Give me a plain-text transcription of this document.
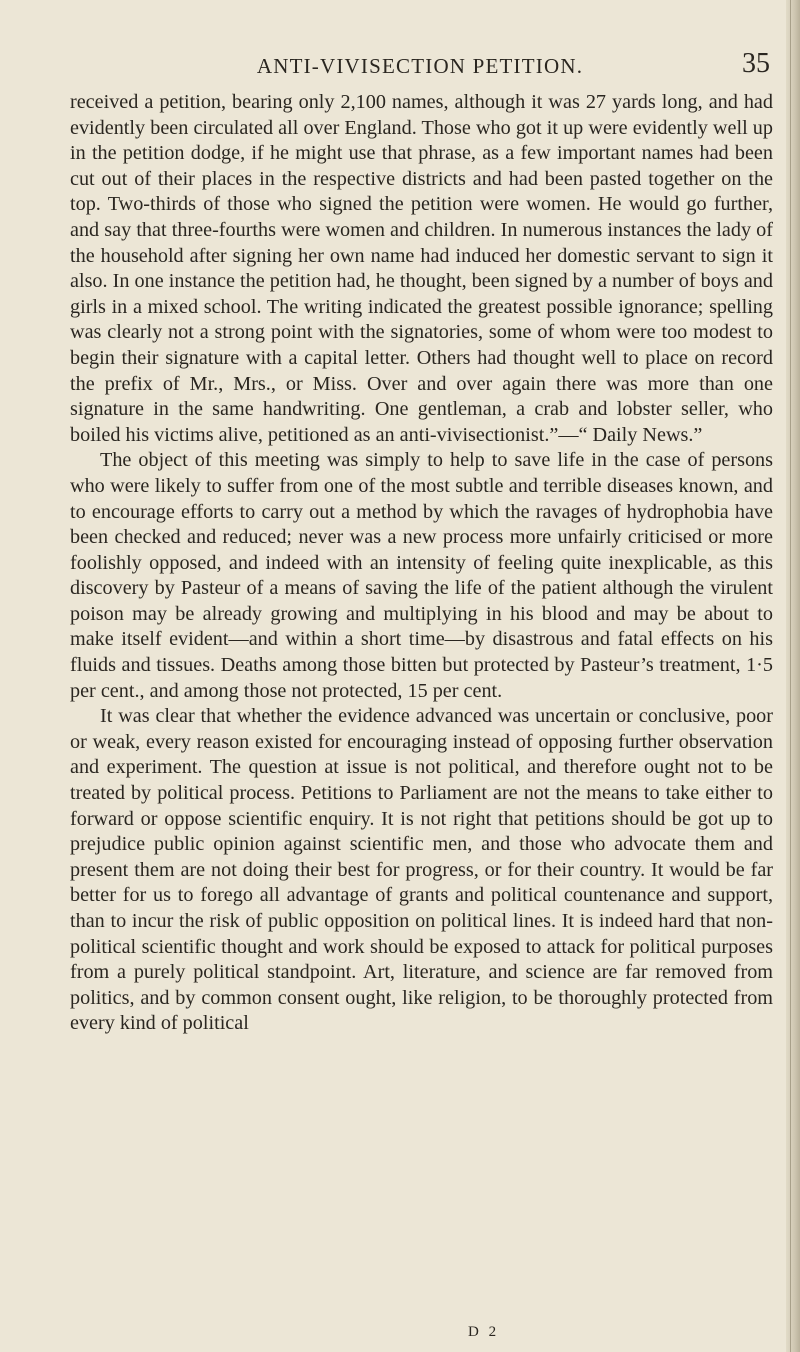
ANTI-VIVISECTION PETITION.	35

received a petition, bearing only 2,100 names, although it was 27 yards long, and had evidently been circulated all over England. Those who got it up were evidently well up in the petition dodge, if he might use that phrase, as a few important names had been cut out of their places in the respective districts and had been pasted together on the top. Two-thirds of those who signed the petition were women. He would go further, and say that three-fourths were women and children. In numerous instances the lady of the household after signing her own name had induced her domestic servant to sign it also. In one instance the petition had, he thought, been signed by a number of boys and girls in a mixed school. The writing indicated the greatest possible ignorance; spelling was clearly not a strong point with the signatories, some of whom were too modest to begin their signature with a capital letter. Others had thought well to place on record the prefix of Mr., Mrs., or Miss. Over and over again there was more than one signature in the same handwriting. One gentleman, a crab and lobster seller, who boiled his victims alive, petitioned as an anti-vivisectionist.”—“ Daily News.”

The object of this meeting was simply to help to save life in the case of persons who were likely to suffer from one of the most subtle and terrible diseases known, and to encourage efforts to carry out a method by which the ravages of hydrophobia have been checked and reduced; never was a new process more unfairly criticised or more foolishly opposed, and indeed with an intensity of feeling quite inexplicable, as this discovery by Pasteur of a means of saving the life of the patient although the virulent poison may be already growing and multiplying in his blood and may be about to make itself evident—and within a short time—by disastrous and fatal effects on his fluids and tissues. Deaths among those bitten but protected by Pasteur’s treatment, 1·5 per cent., and among those not protected, 15 per cent.

It was clear that whether the evidence advanced was uncertain or conclusive, poor or weak, every reason existed for encouraging instead of opposing further observation and experiment. The question at issue is not political, and therefore ought not to be treated by political process. Petitions to Parliament are not the means to take either to forward or oppose scientific enquiry. It is not right that petitions should be got up to prejudice public opinion against scientific men, and those who advocate them and present them are not doing their best for progress, or for their country. It would be far better for us to forego all advantage of grants and political countenance and support, than to incur the risk of public opposition on political lines. It is indeed hard that non-political scientific thought and work should be exposed to attack for political purposes from a purely political standpoint. Art, literature, and science are far removed from politics, and by common consent ought, like religion, to be thoroughly protected from every kind of political

D 2
